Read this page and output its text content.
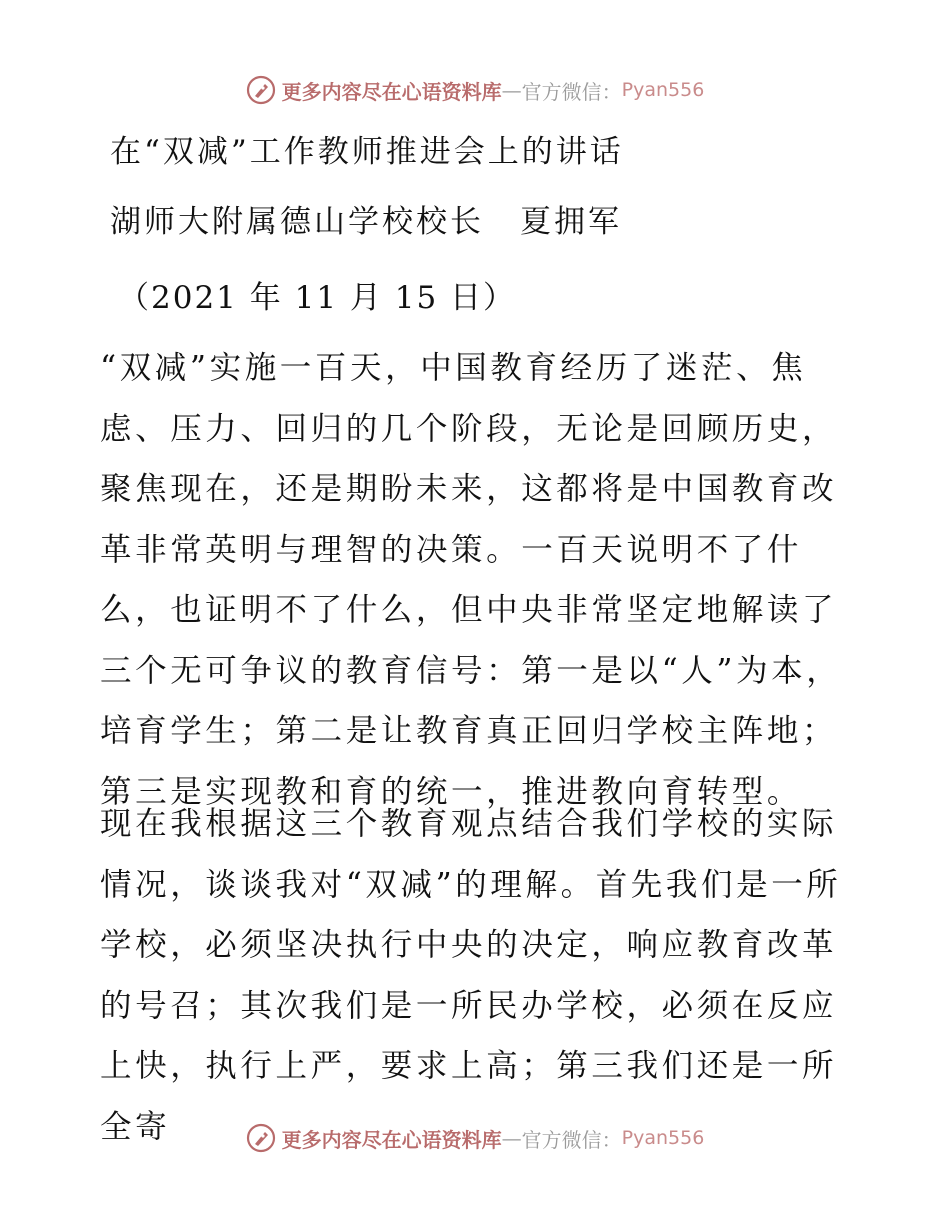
更多内容尽在心语资料库 — 官方微信： Pyan556
在“双减”工作教师推进会上的讲话
湖师大附属德山学校校长 夏拥军
（2021 年 11 月 15 日）
“双减”实施一百天，中国教育经历了迷茫、焦虑、压力、回归的几个阶段，无论是回顾历史，聚焦现在，还是期盼未来，这都将是中国教育改革非常英明与理智的决策。一百天说明不了什么，也证明不了什么，但中央非常坚定地解读了三个无可争议的教育信号：第一是以“人”为本，培育学生；第二是让教育真正回归学校主阵地；第三是实现教和育的统一，推进教向育转型。
现在我根据这三个教育观点结合我们学校的实际情况，谈谈我对“双减”的理解。首先我们是一所学校，必须坚决执行中央的决定，响应教育改革的号召；其次我们是一所民办学校，必须在反应上快，执行上严，要求上高；第三我们还是一所全寄	更多内容尽在心语资料库 — 官方微信： Pyan556
